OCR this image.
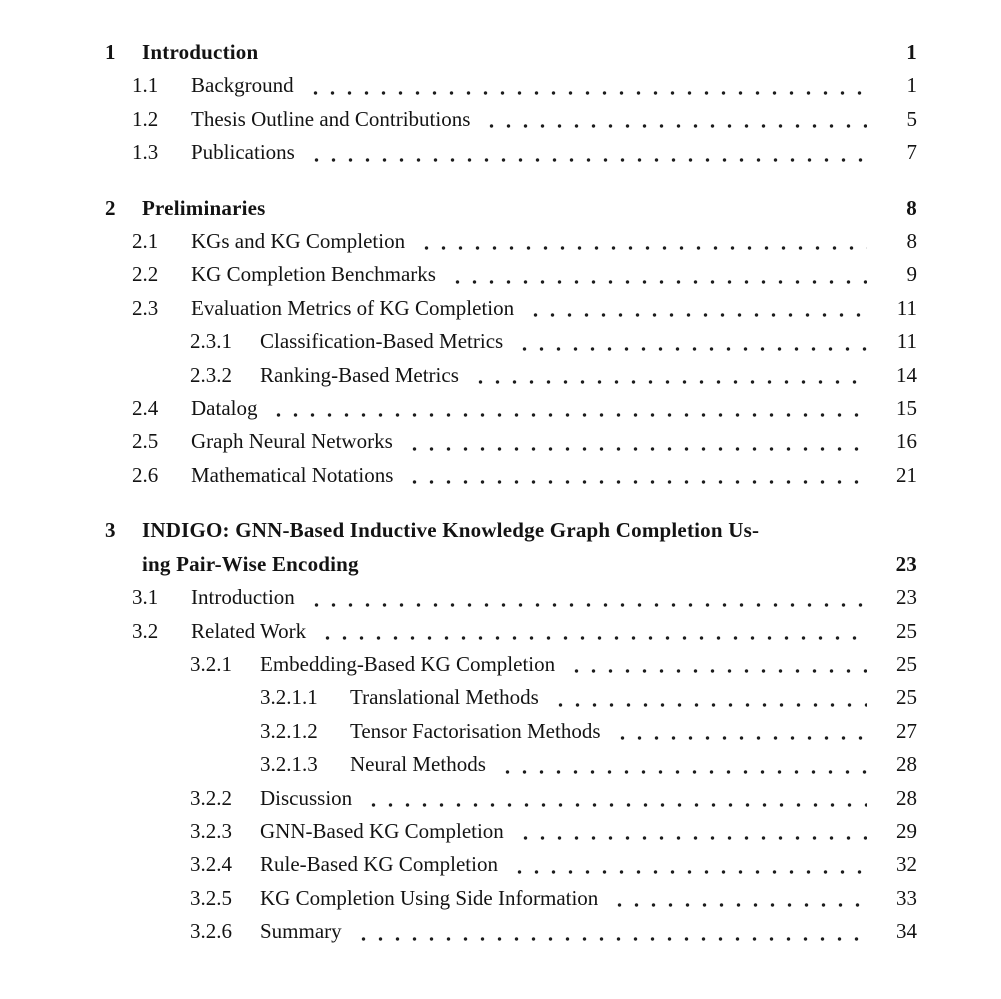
1	Introduction	1
1.1	Background	1
1.2	Thesis Outline and Contributions	5
1.3	Publications	7
2	Preliminaries	8
2.1	KGs and KG Completion	8
2.2	KG Completion Benchmarks	9
2.3	Evaluation Metrics of KG Completion	11
2.3.1	Classification-Based Metrics	11
2.3.2	Ranking-Based Metrics	14
2.4	Datalog	15
2.5	Graph Neural Networks	16
2.6	Mathematical Notations	21
3	INDIGO: GNN-Based Inductive Knowledge Graph Completion Us-
ing Pair-Wise Encoding	23
3.1	Introduction	23
3.2	Related Work	25
3.2.1	Embedding-Based KG Completion	25
3.2.1.1	Translational Methods	25
3.2.1.2	Tensor Factorisation Methods	27
3.2.1.3	Neural Methods	28
3.2.2	Discussion	28
3.2.3	GNN-Based KG Completion	29
3.2.4	Rule-Based KG Completion	32
3.2.5	KG Completion Using Side Information	33
3.2.6	Summary	34
